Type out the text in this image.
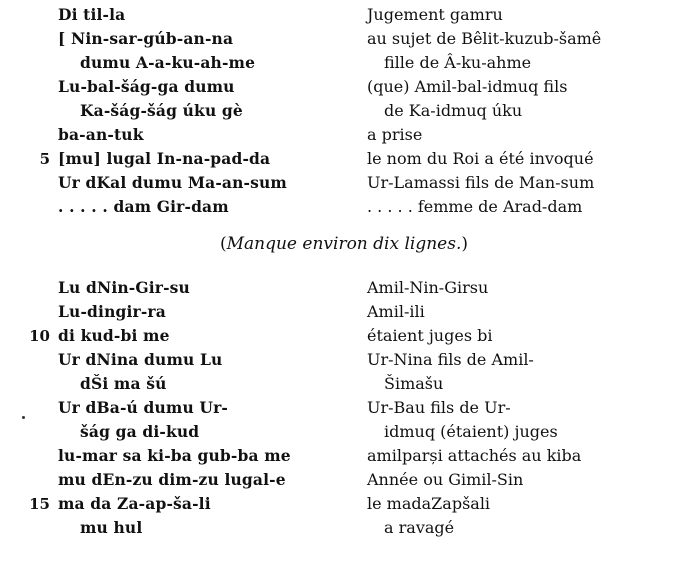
Di til-la	Jugement gamru
[ Nin-sar-gúb-an-na	au sujet de Bêlit-kuzub-šamê
dumu A-a-ku-ah-me	fille de Â-ku-ahme
Lu-bal-šág-ga dumu	(que) Amil-bal-idmuq fils
Ka-šág-šág úku gè	de Ka-idmuq úku
ba-an-tuk	a prise
5 [mu] lugal In-na-pad-da	le nom du Roi a été invoqué
Ur dKal dumu Ma-an-sum	Ur-Lamassi fils de Man-sum
. . . . . dam Gir-dam	. . . . . femme de Arad-dam
(Manque environ dix lignes.)
Lu dNin-Gir-su	Amil-Nin-Girsu
Lu-dingir-ra	Amil-ili
10 di kud-bi me	étaient juges bi
Ur dNina dumu Lu	Ur-Nina fils de Amil-
dŠi ma šú	Šimašu
Ur dBa-ú dumu Ur-	Ur-Bau fils de Ur-
šág ga di-kud	idmuq (étaient) juges
lu-mar sa ki-ba gub-ba me	amilparși attachés au kiba
mu dEn-zu dim-zu lugal-e	Année ou Gimil-Sin
15 ma da Za-ap-ša-li	le madaZapšali
mu hul	a ravagé
